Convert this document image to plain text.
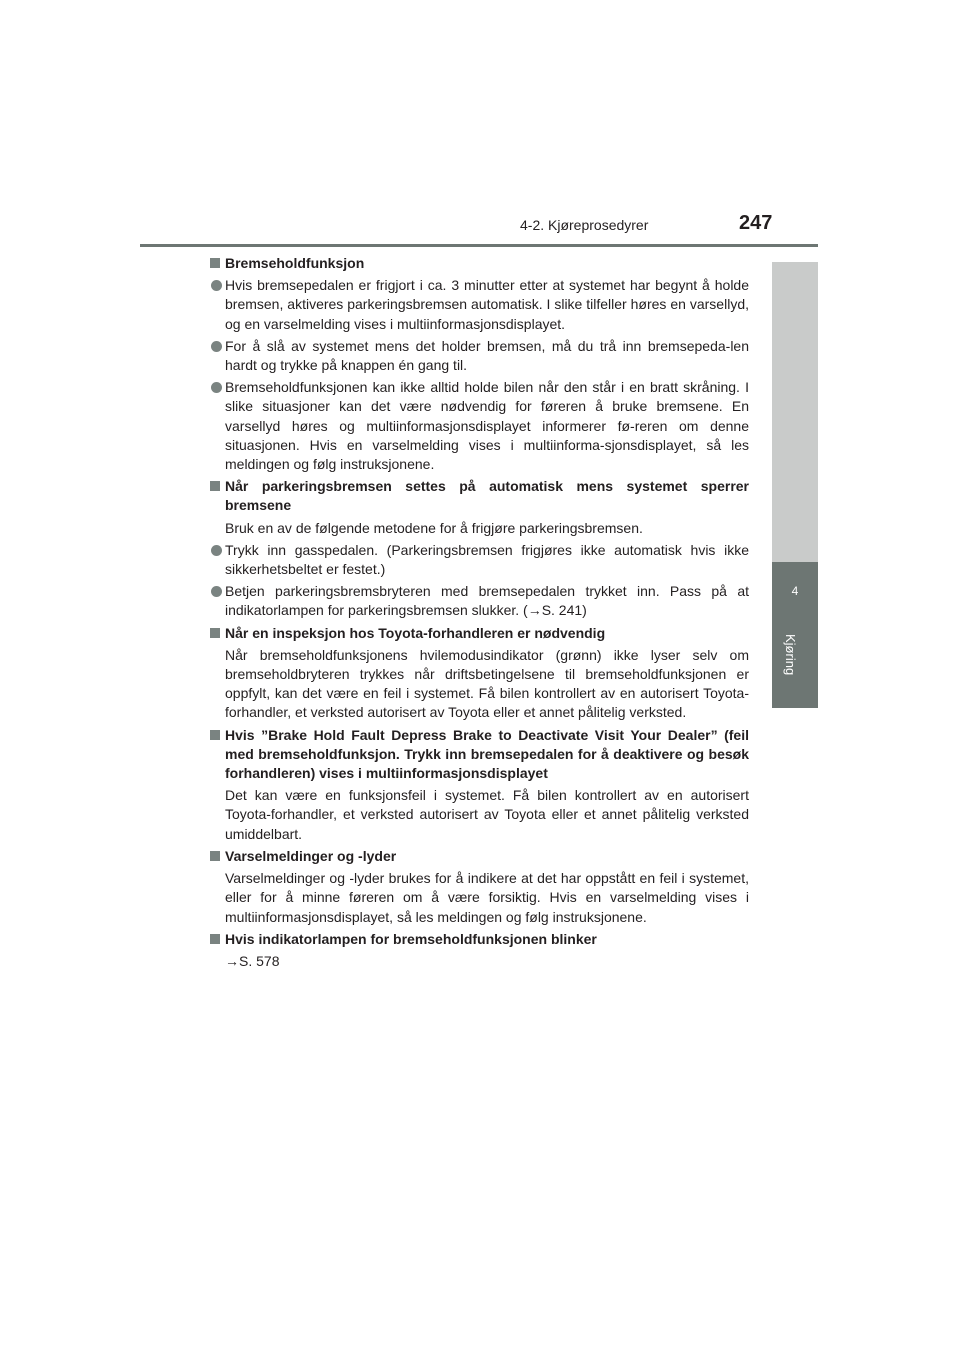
4-2. Kjøreprosedyrer	247
4
Kjøring
Bremseholdfunksjon
Hvis bremsepedalen er frigjort i ca. 3 minutter etter at systemet har begynt å holde bremsen, aktiveres parkeringsbremsen automatisk. I slike tilfeller høres en varsellyd, og en varselmelding vises i multiinformasjonsdisplayet.
For å slå av systemet mens det holder bremsen, må du trå inn bremsepeda-len hardt og trykke på knappen én gang til.
Bremseholdfunksjonen kan ikke alltid holde bilen når den står i en bratt skråning. I slike situasjoner kan det være nødvendig for føreren å bruke bremsene. En varsellyd høres og multiinformasjonsdisplayet informerer fø-reren om denne situasjonen. Hvis en varselmelding vises i multiinforma-sjonsdisplayet, så les meldingen og følg instruksjonene.
Når parkeringsbremsen settes på automatisk mens systemet sperrer bremsene
Bruk en av de følgende metodene for å frigjøre parkeringsbremsen.
Trykk inn gasspedalen. (Parkeringsbremsen frigjøres ikke automatisk hvis ikke sikkerhetsbeltet er festet.)
Betjen parkeringsbremsbryteren med bremsepedalen trykket inn. Pass på at indikatorlampen for parkeringsbremsen slukker. (→S. 241)
Når en inspeksjon hos Toyota-forhandleren er nødvendig
Når bremseholdfunksjonens hvilemodusindikator (grønn) ikke lyser selv om bremseholdbryteren trykkes når driftsbetingelsene til bremseholdfunksjonen er oppfylt, kan det være en feil i systemet. Få bilen kontrollert av en autorisert Toyota-forhandler, et verksted autorisert av Toyota eller et annet pålitelig verksted.
Hvis ”Brake Hold Fault Depress Brake to Deactivate Visit Your Dealer” (feil med bremseholdfunksjon. Trykk inn bremsepedalen for å deaktivere og besøk forhandleren) vises i multiinformasjonsdisplayet
Det kan være en funksjonsfeil i systemet. Få bilen kontrollert av en autorisert Toyota-forhandler, et verksted autorisert av Toyota eller et annet pålitelig verksted umiddelbart.
Varselmeldinger og -lyder
Varselmeldinger og -lyder brukes for å indikere at det har oppstått en feil i systemet, eller for å minne føreren om å være forsiktig. Hvis en varselmelding vises i multiinformasjonsdisplayet, så les meldingen og følg instruksjonene.
Hvis indikatorlampen for bremseholdfunksjonen blinker
→S. 578
